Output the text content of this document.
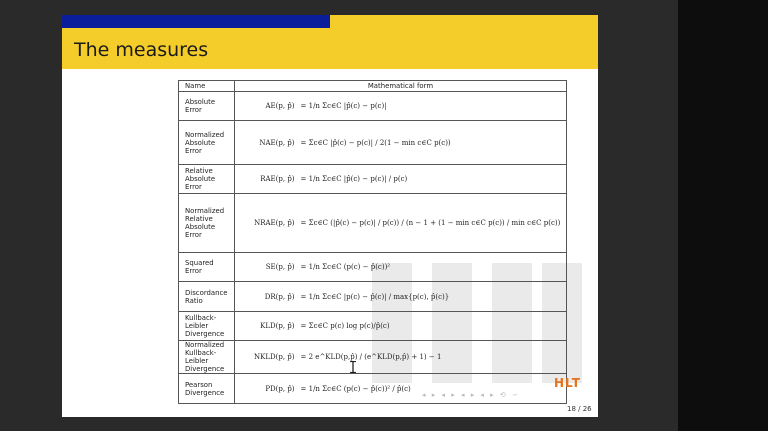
The measures
Name	Mathematical form
Absolute Error	AE(p, p̂) = 1/n Σc∈C |p̂(c) − p(c)|
Normalized Absolute Error	NAE(p, p̂) = Σc∈C |p̂(c) − p(c)| / 2(1 − min c∈C p(c))
Relative Absolute Error	RAE(p, p̂) = 1/n Σc∈C |p̂(c) − p(c)| / p(c)
Normalized Relative Absolute Error	NRAE(p, p̂) = Σc∈C (|p̂(c) − p(c)| / p(c)) / (n − 1 + (1 − min c∈C p(c)) / min c∈C p(c))
Squared Error	SE(p, p̂) = 1/n Σc∈C (p(c) − p̂(c))²
Discordance Ratio	DR(p, p̂) = 1/n Σc∈C |p(c) − p̂(c)| / max{p(c), p̂(c)}
Kullback-Leibler Divergence	KLD(p, p̂) = Σc∈C p(c) log p(c)/p̂(c)
Normalized Kullback-Leibler Divergence	NKLD(p, p̂) = 2 e^KLD(p,p̂) / (e^KLD(p,p̂) + 1) − 1
Pearson Divergence	PD(p, p̂) = 1/n Σc∈C (p(c) − p̂(c))² / p̂(c)	HLT
◂ ▸ ◂ ▸ ◂ ▸ ◂ ▸ ⟲ ∽
18 / 26
